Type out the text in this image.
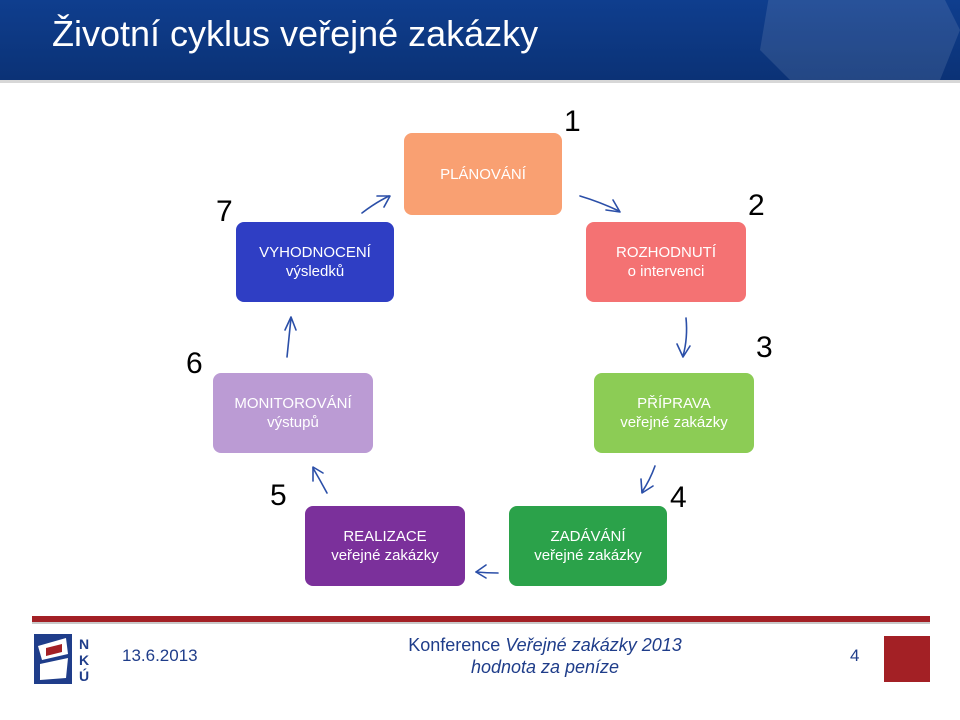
Životní cyklus veřejné zakázky
1
2
3
4
5
6
7
PLÁNOVÁNÍ
ROZHODNUTÍ
o intervenci
PŘÍPRAVA
veřejné zakázky
ZADÁVÁNÍ
veřejné zakázky
REALIZACE
veřejné zakázky
MONITOROVÁNÍ
výstupů
VYHODNOCENÍ
výsledků
N
K
Ú
13.6.2013
Konference Veřejné zakázky 2013
hodnota za peníze
4
